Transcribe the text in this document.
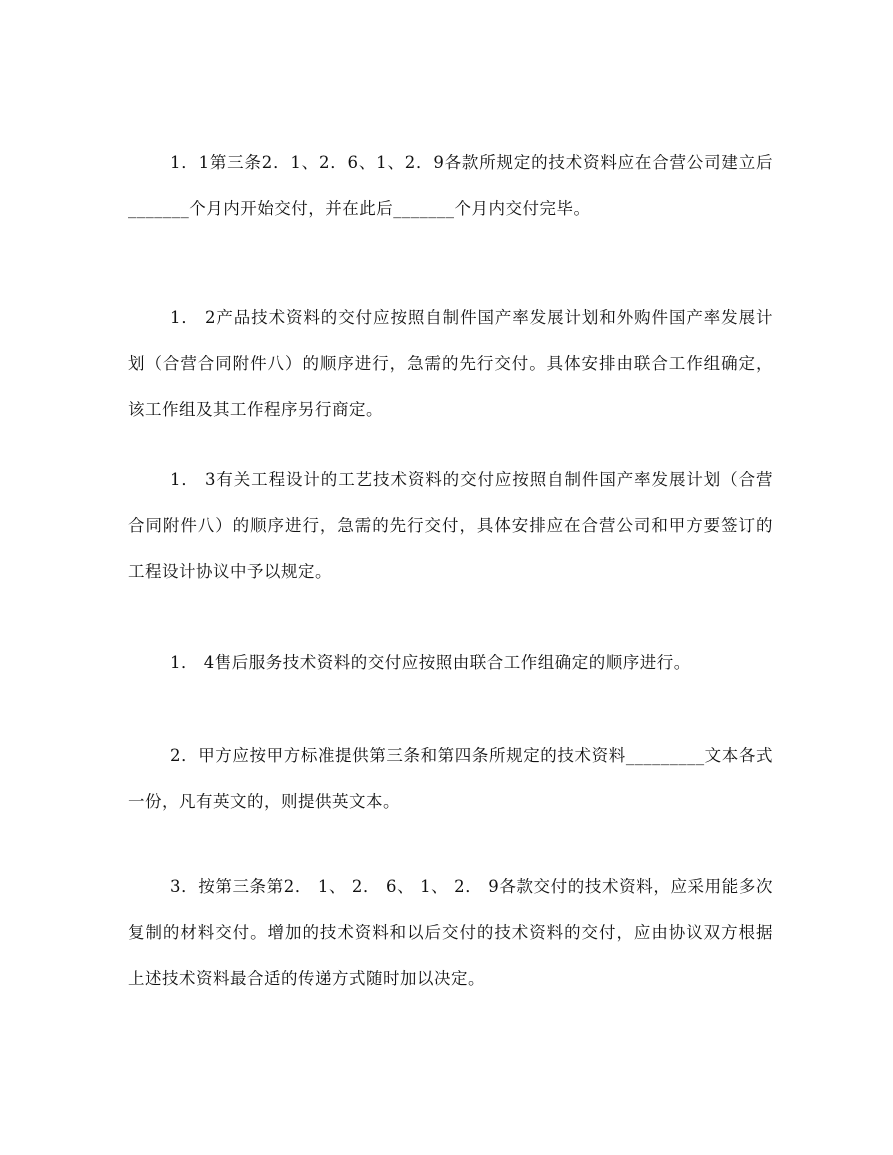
1．1第三条2．1、2．6、1、2．9各款所规定的技术资料应在合营公司建立后_______个月内开始交付，并在此后_______个月内交付完毕。

1． 2产品技术资料的交付应按照自制件国产率发展计划和外购件国产率发展计划（合营合同附件八）的顺序进行，急需的先行交付。具体安排由联合工作组确定，该工作组及其工作程序另行商定。

1． 3有关工程设计的工艺技术资料的交付应按照自制件国产率发展计划（合营合同附件八）的顺序进行，急需的先行交付，具体安排应在合营公司和甲方要签订的工程设计协议中予以规定。

1． 4售后服务技术资料的交付应按照由联合工作组确定的顺序进行。

2．甲方应按甲方标准提供第三条和第四条所规定的技术资料_________文本各式一份，凡有英文的，则提供英文本。

3．按第三条第2． 1、 2． 6、 1、 2． 9各款交付的技术资料，应采用能多次复制的材料交付。增加的技术资料和以后交付的技术资料的交付，应由协议双方根据上述技术资料最合适的传递方式随时加以决定。
